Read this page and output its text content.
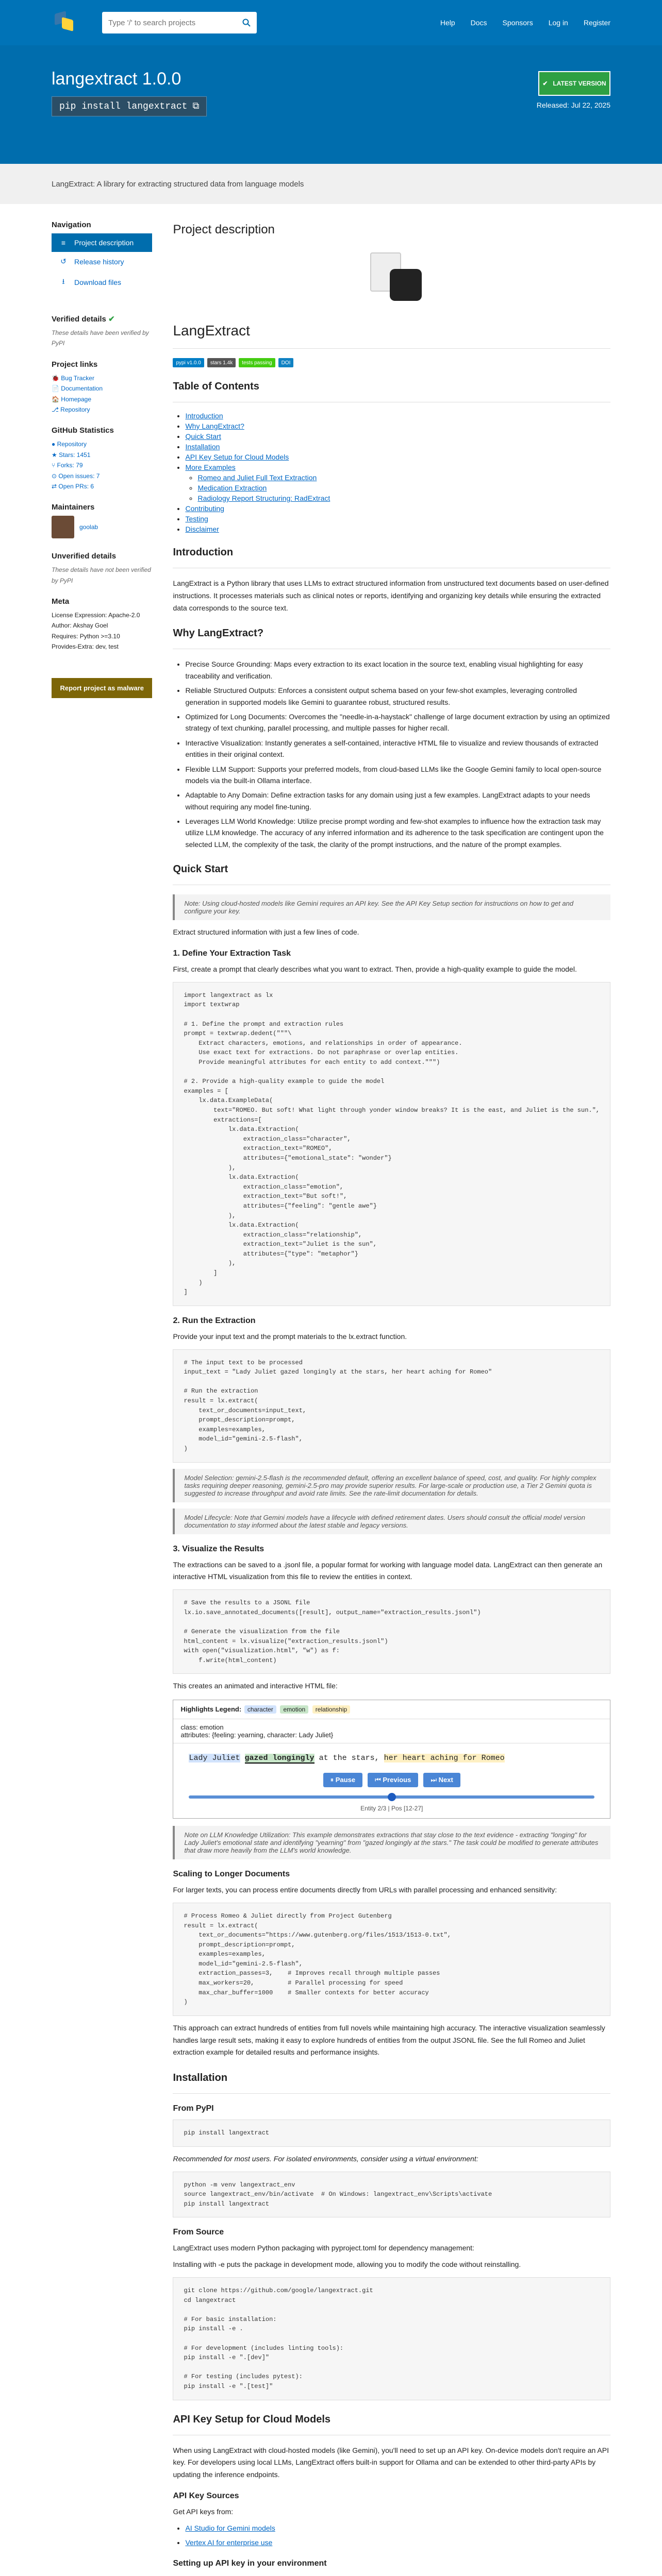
Type '/' to search projects
Help Docs Sponsors Log in Register
langextract 1.0.0
pip install langextract ⧉
✔ LATEST VERSION
Released: Jul 22, 2025
LangExtract: A library for extracting structured data from language models
Navigation
≡	Project description
↺ Release history
⭳	Download files
Verified details ✔

These details have been verified by PyPI

Project links

🐞 Bug Tracker

📄 Documentation

🏠 Homepage

⎇ Repository

GitHub Statistics

● Repository

★ Stars: 1451

⑂ Forks: 79

⊙ Open issues: 7

⇄ Open PRs: 6

Maintainers
goolab
Unverified details

These details have not been verified by PyPI

Meta

License Expression: Apache-2.0

Author: Akshay Goel

Requires: Python >=3.10

Provides-Extra: dev, test

Report project as malware
Project description
LangExtract
pypi v1.0.0	stars 1.4k	tests passing	DOI
Table of Contents
• Introduction
• Why LangExtract?
• Quick Start
• Installation
• API Key Setup for Cloud Models
• More Examples
◦ Romeo and Juliet Full Text Extraction
◦ Medication Extraction
◦ Radiology Report Structuring: RadExtract
• Contributing
• Testing
• Disclaimer
Introduction

LangExtract is a Python library that uses LLMs to extract structured information from unstructured text documents based on user-defined instructions. It processes materials such as clinical notes or reports, identifying and organizing key details while ensuring the extracted data corresponds to the source text.

Why LangExtract?
• Precise Source Grounding: Maps every extraction to its exact location in the source text, enabling visual highlighting for easy traceability and verification.
• Reliable Structured Outputs: Enforces a consistent output schema based on your few-shot examples, leveraging controlled generation in supported models like Gemini to guarantee robust, structured results.
• Optimized for Long Documents: Overcomes the "needle-in-a-haystack" challenge of large document extraction by using an optimized strategy of text chunking, parallel processing, and multiple passes for higher recall.
• Interactive Visualization: Instantly generates a self-contained, interactive HTML file to visualize and review thousands of extracted entities in their original context.
• Flexible LLM Support: Supports your preferred models, from cloud-based LLMs like the Google Gemini family to local open-source models via the built-in Ollama interface.
• Adaptable to Any Domain: Define extraction tasks for any domain using just a few examples. LangExtract adapts to your needs without requiring any model fine-tuning.
• Leverages LLM World Knowledge: Utilize precise prompt wording and few-shot examples to influence how the extraction task may utilize LLM knowledge. The accuracy of any inferred information and its adherence to the task specification are contingent upon the selected LLM, the complexity of the task, the clarity of the prompt instructions, and the nature of the prompt examples.
Quick Start
Note: Using cloud-hosted models like Gemini requires an API key. See the API Key Setup section for instructions on how to get and configure your key.

Extract structured information with just a few lines of code.

1. Define Your Extraction Task

First, create a prompt that clearly describes what you want to extract. Then, provide a high-quality example to guide the model.

import langextract as lx
import textwrap

# 1. Define the prompt and extraction rules
prompt = textwrap.dedent("""\
Extract characters, emotions, and relationships in order of appearance.
Use exact text for extractions. Do not paraphrase or overlap entities.
Provide meaningful attributes for each entity to add context.""")

# 2. Provide a high-quality example to guide the model
examples = [
lx.data.ExampleData(
text="ROMEO. But soft! What light through yonder window breaks? It is the east, and Juliet is the sun.",
extractions=[
lx.data.Extraction(
extraction_class="character",
extraction_text="ROMEO",
attributes={"emotional_state": "wonder"}
),
lx.data.Extraction(
extraction_class="emotion",
extraction_text="But soft!",
attributes={"feeling": "gentle awe"}
),
lx.data.Extraction(
extraction_class="relationship",
extraction_text="Juliet is the sun",
attributes={"type": "metaphor"}
),
]
)
]
2. Run the Extraction

Provide your input text and the prompt materials to the lx.extract function.

# The input text to be processed
input_text = "Lady Juliet gazed longingly at the stars, her heart aching for Romeo"

# Run the extraction
result = lx.extract(
text_or_documents=input_text,
prompt_description=prompt,
examples=examples,
model_id="gemini-2.5-flash",
)
Model Selection: gemini-2.5-flash is the recommended default, offering an excellent balance of speed, cost, and quality. For highly complex tasks requiring deeper reasoning, gemini-2.5-pro may provide superior results. For large-scale or production use, a Tier 2 Gemini quota is suggested to increase throughput and avoid rate limits. See the rate-limit documentation for details.
Model Lifecycle: Note that Gemini models have a lifecycle with defined retirement dates. Users should consult the official model version documentation to stay informed about the latest stable and legacy versions.
3. Visualize the Results

The extractions can be saved to a .jsonl file, a popular format for working with language model data. LangExtract can then generate an interactive HTML visualization from this file to review the entities in context.

# Save the results to a JSONL file
lx.io.save_annotated_documents([result], output_name="extraction_results.jsonl")

# Generate the visualization from the file
html_content = lx.visualize("extraction_results.jsonl")
with open("visualization.html", "w") as f:
f.write(html_content)

This creates an animated and interactive HTML file:

Highlights Legend: character emotion relationship
class: emotion
attributes: {feeling: yearning, character: Lady Juliet}
Lady Juliet gazed longingly at the stars, her heart aching for Romeo
⏸ Pause	⏮ Previous	⏭ Next
Entity 2/3 | Pos [12-27]
Note on LLM Knowledge Utilization: This example demonstrates extractions that stay close to the text evidence - extracting "longing" for Lady Juliet's emotional state and identifying "yearning" from "gazed longingly at the stars." The task could be modified to generate attributes that draw more heavily from the LLM's world knowledge.
Scaling to Longer Documents

For larger texts, you can process entire documents directly from URLs with parallel processing and enhanced sensitivity:

# Process Romeo & Juliet directly from Project Gutenberg
result = lx.extract(
text_or_documents="https://www.gutenberg.org/files/1513/1513-0.txt",
prompt_description=prompt,
examples=examples,
model_id="gemini-2.5-flash",
extraction_passes=3,    # Improves recall through multiple passes
max_workers=20,         # Parallel processing for speed
max_char_buffer=1000    # Smaller contexts for better accuracy
)

This approach can extract hundreds of entities from full novels while maintaining high accuracy. The interactive visualization seamlessly handles large result sets, making it easy to explore hundreds of entities from the output JSONL file. See the full Romeo and Juliet extraction example for detailed results and performance insights.

Installation
From PyPI
pip install langextract

Recommended for most users. For isolated environments, consider using a virtual environment:

python -m venv langextract_env
source langextract_env/bin/activate  # On Windows: langextract_env\Scripts\activate
pip install langextract
From Source

LangExtract uses modern Python packaging with pyproject.toml for dependency management:

Installing with -e puts the package in development mode, allowing you to modify the code without reinstalling.

git clone https://github.com/google/langextract.git
cd langextract

# For basic installation:
pip install -e .

# For development (includes linting tools):
pip install -e ".[dev]"

# For testing (includes pytest):
pip install -e ".[test]"
API Key Setup for Cloud Models

When using LangExtract with cloud-hosted models (like Gemini), you'll need to set up an API key. On-device models don't require an API key. For developers using local LLMs, LangExtract offers built-in support for Ollama and can be extended to other third-party APIs by updating the inference endpoints.

API Key Sources

Get API keys from:

• AI Studio for Gemini models
• Vertex AI for enterprise use
Setting up API key in your environment
